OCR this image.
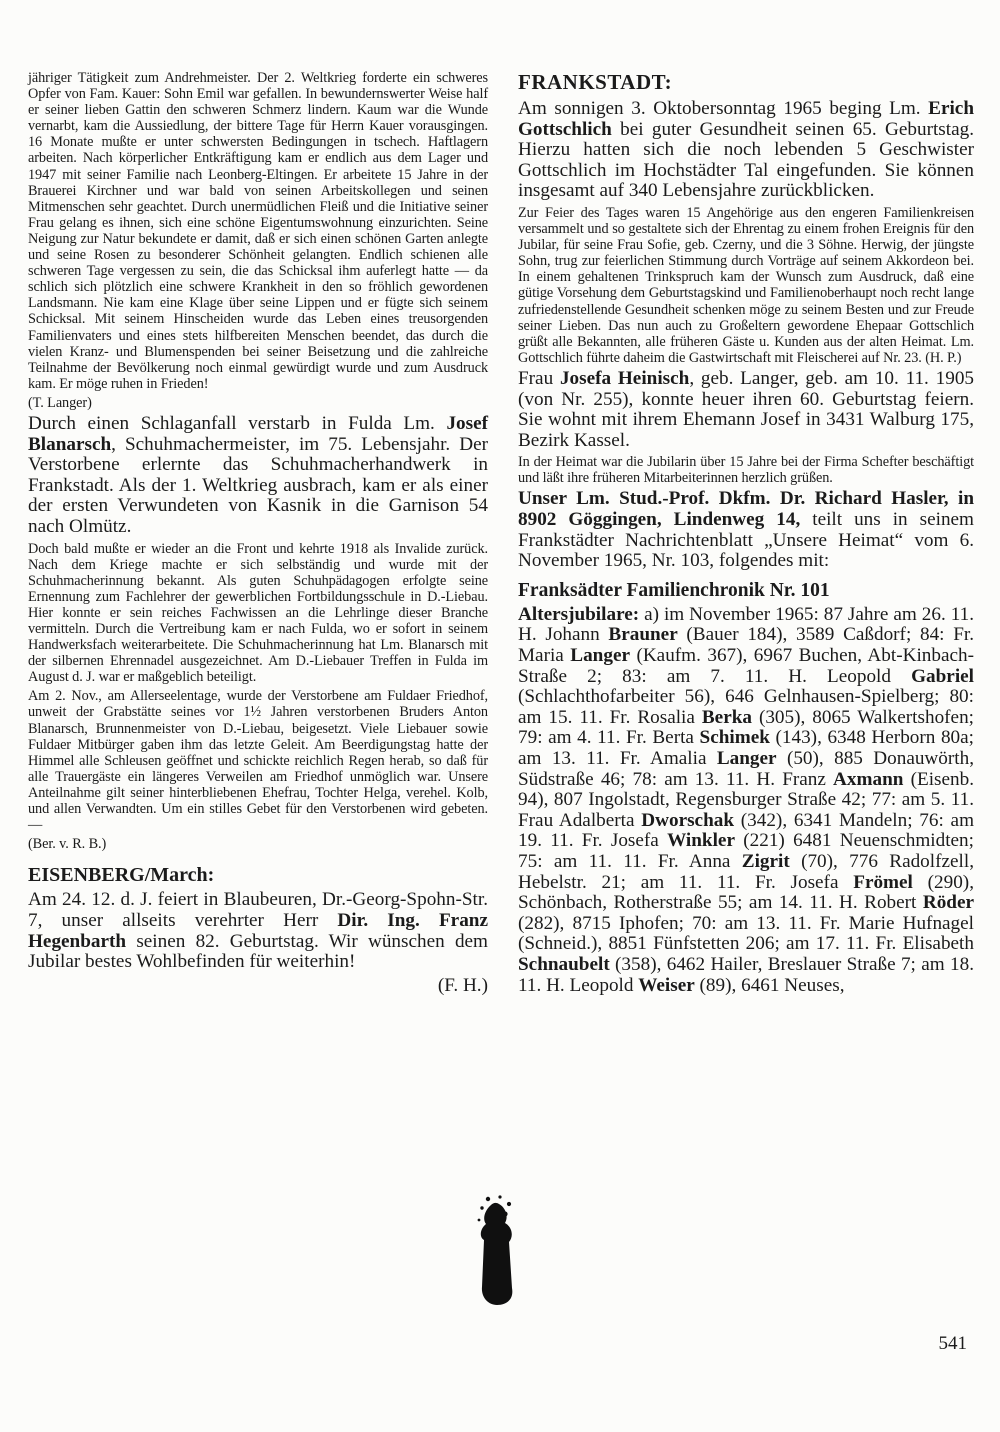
jähriger Tätigkeit zum Andrehmeister. Der 2. Weltkrieg forderte ein schweres Opfer von Fam. Kauer: Sohn Emil war gefallen. In bewundernswerter Weise half er seiner lieben Gattin den schweren Schmerz lindern. Kaum war die Wunde vernarbt, kam die Aussiedlung, der bittere Tage für Herrn Kauer vorausgingen. 16 Monate mußte er unter schwersten Bedingungen in tschech. Haftlagern arbeiten. Nach körperlicher Entkräftigung kam er endlich aus dem Lager und 1947 mit seiner Familie nach Leonberg-Eltingen. Er arbeitete 15 Jahre in der Brauerei Kirchner und war bald von seinen Arbeitskollegen und seinen Mitmenschen sehr geachtet. Durch unermüdlichen Fleiß und die Initiative seiner Frau gelang es ihnen, sich eine schöne Eigentumswohnung einzurichten. Seine Neigung zur Natur bekundete er damit, daß er sich einen schönen Garten anlegte und seine Rosen zu besonderer Schönheit gelangten. Endlich schienen alle schweren Tage vergessen zu sein, die das Schicksal ihm auferlegt hatte — da schlich sich plötzlich eine schwere Krankheit in den so fröhlich gewordenen Landsmann. Nie kam eine Klage über seine Lippen und er fügte sich seinem Schicksal. Mit seinem Hinscheiden wurde das Leben eines treusorgenden Familienvaters und eines stets hilfbereiten Menschen beendet, das durch die vielen Kranz- und Blumenspenden bei seiner Beisetzung und die zahlreiche Teilnahme der Bevölkerung noch einmal gewürdigt wurde und zum Ausdruck kam. Er möge ruhen in Frieden!

(T. Langer)

Durch einen Schlaganfall verstarb in Fulda Lm. Josef Blanarsch, Schuhmachermeister, im 75. Lebensjahr. Der Verstorbene erlernte das Schuhmacherhandwerk in Frankstadt. Als der 1. Weltkrieg ausbrach, kam er als einer der ersten Verwundeten von Kasnik in die Garnison 54 nach Olmütz.

Doch bald mußte er wieder an die Front und kehrte 1918 als Invalide zurück. Nach dem Kriege machte er sich selbständig und wurde mit der Schuhmacherinnung bekannt. Als guten Schuhpädagogen erfolgte seine Ernennung zum Fachlehrer der gewerblichen Fortbildungsschule in D.-Liebau. Hier konnte er sein reiches Fachwissen an die Lehrlinge dieser Branche vermitteln. Durch die Vertreibung kam er nach Fulda, wo er sofort in seinem Handwerksfach weiterarbeitete. Die Schuhmacherinnung hat Lm. Blanarsch mit der silbernen Ehrennadel ausgezeichnet. Am D.-Liebauer Treffen in Fulda im August d. J. war er maßgeblich beteiligt.

Am 2. Nov., am Allerseelentage, wurde der Verstorbene am Fuldaer Friedhof, unweit der Grabstätte seines vor 1½ Jahren verstorbenen Bruders Anton Blanarsch, Brunnenmeister von D.-Liebau, beigesetzt. Viele Liebauer sowie Fuldaer Mitbürger gaben ihm das letzte Geleit. Am Beerdigungstag hatte der Himmel alle Schleusen geöffnet und schickte reichlich Regen herab, so daß für alle Trauergäste ein längeres Verweilen am Friedhof unmöglich war. Unsere Anteilnahme gilt seiner hinterbliebenen Ehefrau, Tochter Helga, verehel. Kolb, und allen Verwandten. Um ein stilles Gebet für den Verstorbenen wird gebeten. —

(Ber. v. R. B.)

EISENBERG/March:

Am 24. 12. d. J. feiert in Blaubeuren, Dr.-Georg-Spohn-Str. 7, unser allseits verehrter Herr Dir. Ing. Franz Hegenbarth seinen 82. Geburtstag. Wir wünschen dem Jubilar bestes Wohlbefinden für weiterhin!

(F. H.)

FRANKSTADT:

Am sonnigen 3. Oktobersonntag 1965 beging Lm. Erich Gottschlich bei guter Gesundheit seinen 65. Geburtstag. Hierzu hatten sich die noch lebenden 5 Geschwister Gottschlich im Hochstädter Tal eingefunden. Sie können insgesamt auf 340 Lebensjahre zurückblicken.

Zur Feier des Tages waren 15 Angehörige aus den engeren Familienkreisen versammelt und so gestaltete sich der Ehrentag zu einem frohen Ereignis für den Jubilar, für seine Frau Sofie, geb. Czerny, und die 3 Söhne. Herwig, der jüngste Sohn, trug zur feierlichen Stimmung durch Vorträge auf seinem Akkordeon bei. In einem gehaltenen Trinkspruch kam der Wunsch zum Ausdruck, daß eine gütige Vorsehung dem Geburtstagskind und Familienoberhaupt noch recht lange zufriedenstellende Gesundheit schenken möge zu seinem Besten und zur Freude seiner Lieben. Das nun auch zu Großeltern gewordene Ehepaar Gottschlich grüßt alle Bekannten, alle früheren Gäste u. Kunden aus der alten Heimat. Lm. Gottschlich führte daheim die Gastwirtschaft mit Fleischerei auf Nr. 23. (H. P.)

Frau Josefa Heinisch, geb. Langer, geb. am 10. 11. 1905 (von Nr. 255), konnte heuer ihren 60. Geburtstag feiern. Sie wohnt mit ihrem Ehemann Josef in 3431 Walburg 175, Bezirk Kassel.

In der Heimat war die Jubilarin über 15 Jahre bei der Firma Schefter beschäftigt und läßt ihre früheren Mitarbeiterinnen herzlich grüßen.

Unser Lm. Stud.-Prof. Dkfm. Dr. Richard Hasler, in 8902 Göggingen, Lindenweg 14, teilt uns in seinem Frankstädter Nachrichtenblatt „Unsere Heimat“ vom 6. November 1965, Nr. 103, folgendes mit:

Franksädter Familienchronik Nr. 101

Altersjubilare: a) im November 1965: 87 Jahre am 26. 11. H. Johann Brauner (Bauer 184), 3589 Caßdorf; 84: Fr. Maria Langer (Kaufm. 367), 6967 Buchen, Abt-Kinbach-Straße 2; 83: am 7. 11. H. Leopold Gabriel (Schlachthofarbeiter 56), 646 Gelnhausen-Spielberg; 80: am 15. 11. Fr. Rosalia Berka (305), 8065 Walkertshofen; 79: am 4. 11. Fr. Berta Schimek (143), 6348 Herborn 80a; am 13. 11. Fr. Amalia Langer (50), 885 Donauwörth, Südstraße 46; 78: am 13. 11. H. Franz Axmann (Eisenb. 94), 807 Ingolstadt, Regensburger Straße 42; 77: am 5. 11. Frau Adalberta Dworschak (342), 6341 Mandeln; 76: am 19. 11. Fr. Josefa Winkler (221) 6481 Neuenschmidten; 75: am 11. 11. Fr. Anna Zigrit (70), 776 Radolfzell, Hebelstr. 21; am 11. 11. Fr. Josefa Frömel (290), Schönbach, Rotherstraße 55; am 14. 11. H. Robert Röder (282), 8715 Iphofen; 70: am 13. 11. Fr. Marie Hufnagel (Schneid.), 8851 Fünfstetten 206; am 17. 11. Fr. Elisabeth Schnaubelt (358), 6462 Hailer, Breslauer Straße 7; am 18. 11. H. Leopold Weiser (89), 6461 Neuses,

541
